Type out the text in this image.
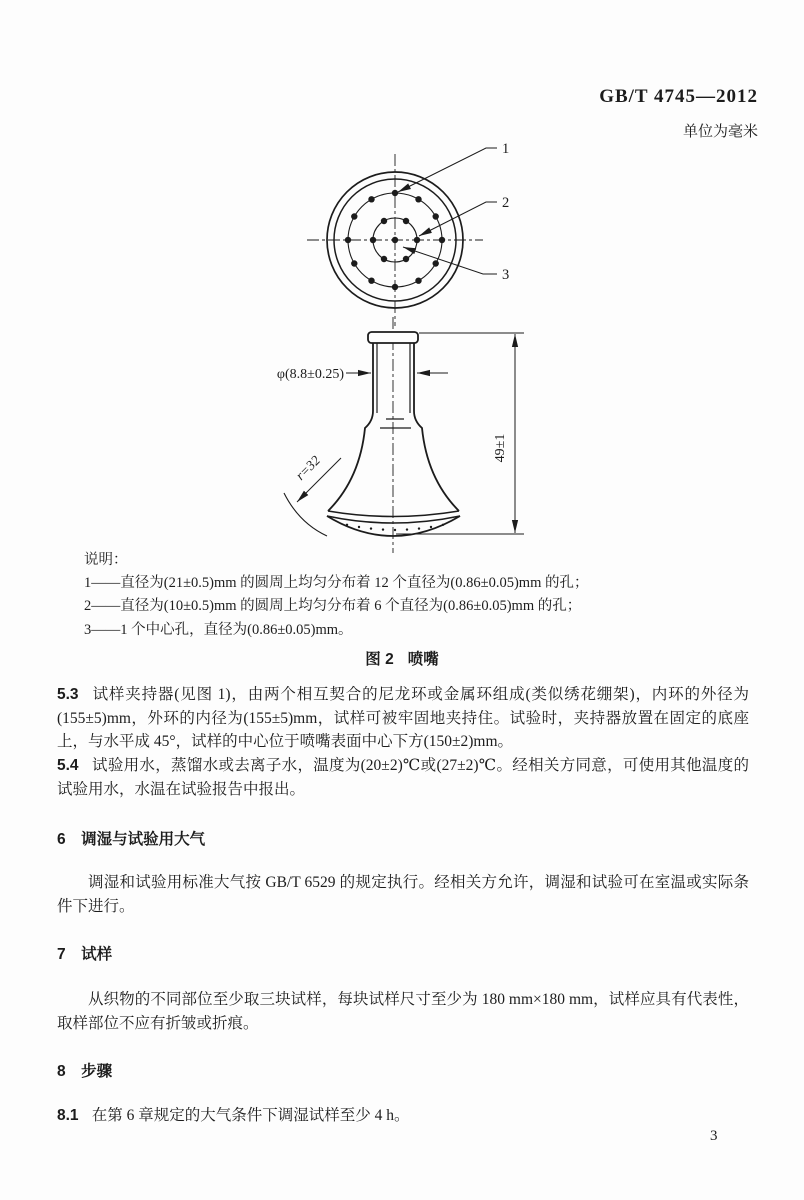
GB/T 4745—2012
单位为毫米
1
2
3
φ(8.8±0.25)
49±1
r=32
说明：
1——直径为(21±0.5)mm 的圆周上均匀分布着 12 个直径为(0.86±0.05)mm 的孔；
2——直径为(10±0.5)mm 的圆周上均匀分布着 6 个直径为(0.86±0.05)mm 的孔；
3——1 个中心孔，直径为(0.86±0.05)mm。
图 2 喷嘴
5.3 试样夹持器(见图 1)，由两个相互契合的尼龙环或金属环组成(类似绣花绷架)，内环的外径为(155±5)mm，外环的内径为(155±5)mm，试样可被牢固地夹持住。试验时，夹持器放置在固定的底座上，与水平成 45°，试样的中心位于喷嘴表面中心下方(150±2)mm。
5.4 试验用水，蒸馏水或去离子水，温度为(20±2)℃或(27±2)℃。经相关方同意，可使用其他温度的试验用水，水温在试验报告中报出。
6 调湿与试验用大气
调湿和试验用标准大气按 GB/T 6529 的规定执行。经相关方允许，调湿和试验可在室温或实际条件下进行。
7 试样
从织物的不同部位至少取三块试样，每块试样尺寸至少为 180 mm×180 mm，试样应具有代表性，取样部位不应有折皱或折痕。
8 步骤
8.1 在第 6 章规定的大气条件下调湿试样至少 4 h。
3
